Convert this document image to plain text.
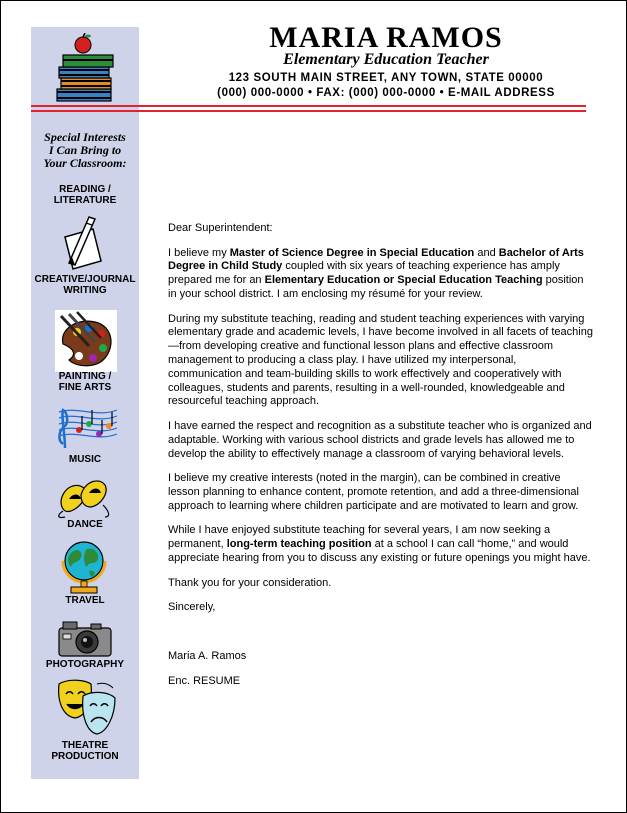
Special Interests
I Can Bring to
Your Classroom:
READING /
LITERATURE
CREATIVE/JOURNAL
WRITING
PAINTING /
FINE ARTS
MUSIC
DANCE
TRAVEL
PHOTOGRAPHY
THEATRE
PRODUCTION
MARIA RAMOS
Elementary Education Teacher
123 SOUTH MAIN STREET, ANY TOWN, STATE 00000
(000) 000-0000 • FAX: (000) 000-0000 • E-MAIL ADDRESS

Dear Superintendent:

I believe my Master of Science Degree in Special Education and Bachelor of Arts Degree in Child Study coupled with six years of teaching experience has amply prepared me for an Elementary Education or Special Education Teaching position in your school district. I am enclosing my résumé for your review.

During my substitute teaching, reading and student teaching experiences with varying elementary grade and academic levels, I have become involved in all facets of teaching—from developing creative and functional lesson plans and effective classroom management to producing a class play. I have utilized my interpersonal, communication and team-building skills to work effectively and cooperatively with colleagues, students and parents, resulting in a well-rounded, knowledgeable and resourceful teaching approach.

I have earned the respect and recognition as a substitute teacher who is organized and adaptable. Working with various school districts and grade levels has allowed me to develop the ability to effectively manage a classroom of varying behavioral levels.

I believe my creative interests (noted in the margin), can be combined in creative lesson planning to enhance content, promote retention, and add a three-dimensional approach to learning where children participate and are motivated to learn and grow.

While I have enjoyed substitute teaching for several years, I am now seeking a permanent, long-term teaching position at a school I can call “home,” and would appreciate hearing from you to discuss any existing or future openings you might have.

Thank you for your consideration.

Sincerely,

Maria A. Ramos

Enc. RESUME
